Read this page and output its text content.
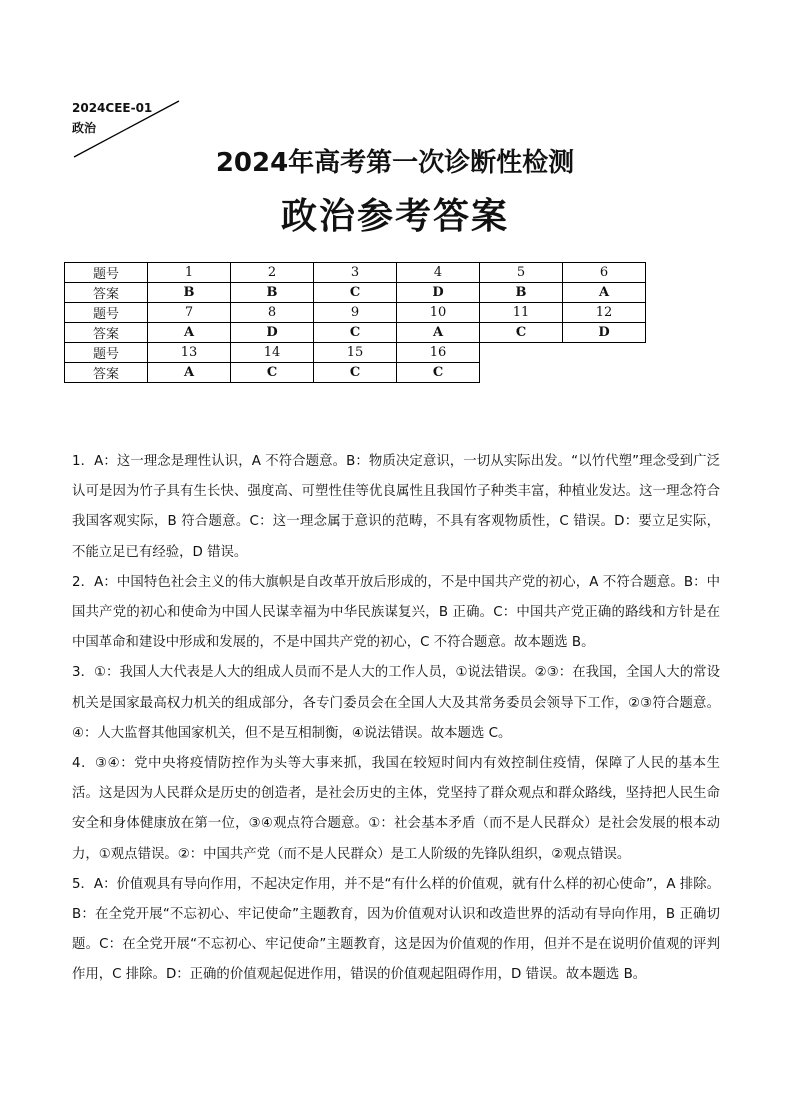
2024CEE-01
政治
2024年高考第一次诊断性检测
政治参考答案
题号	1	2	3	4	5	6
答案	B	B	C	D	B	A
题号	7	8	9	10	11	12
答案	A	D	C	A	C	D
题号	13	14	15	16		
答案	A	C	C	C		

1．A：这一理念是理性认识，A 不符合题意。B：物质决定意识，一切从实际出发。“以竹代塑”理念受到广泛认可是因为竹子具有生长快、强度高、可塑性佳等优良属性且我国竹子种类丰富，种植业发达。这一理念符合我国客观实际，B 符合题意。C：这一理念属于意识的范畴，不具有客观物质性，C 错误。D：要立足实际，不能立足已有经验，D 错误。

2．A：中国特色社会主义的伟大旗帜是自改革开放后形成的，不是中国共产党的初心，A 不符合题意。B：中国共产党的初心和使命为中国人民谋幸福为中华民族谋复兴，B 正确。C：中国共产党正确的路线和方针是在中国革命和建设中形成和发展的，不是中国共产党的初心，C 不符合题意。故本题选 B。

3．①：我国人大代表是人大的组成人员而不是人大的工作人员，①说法错误。②③：在我国，全国人大的常设机关是国家最高权力机关的组成部分，各专门委员会在全国人大及其常务委员会领导下工作，②③符合题意。④：人大监督其他国家机关，但不是互相制衡，④说法错误。故本题选 C。

4．③④：党中央将疫情防控作为头等大事来抓，我国在较短时间内有效控制住疫情，保障了人民的基本生活。这是因为人民群众是历史的创造者，是社会历史的主体，党坚持了群众观点和群众路线，坚持把人民生命安全和身体健康放在第一位，③④观点符合题意。①：社会基本矛盾（而不是人民群众）是社会发展的根本动力，①观点错误。②：中国共产党（而不是人民群众）是工人阶级的先锋队组织，②观点错误。

5．A：价值观具有导向作用，不起决定作用，并不是“有什么样的价值观，就有什么样的初心使命”，A 排除。B：在全党开展“不忘初心、牢记使命”主题教育，因为价值观对认识和改造世界的活动有导向作用，B 正确切题。C：在全党开展“不忘初心、牢记使命”主题教育，这是因为价值观的作用，但并不是在说明价值观的评判作用，C 排除。D：正确的价值观起促进作用，错误的价值观起阻碍作用，D 错误。故本题选 B。
